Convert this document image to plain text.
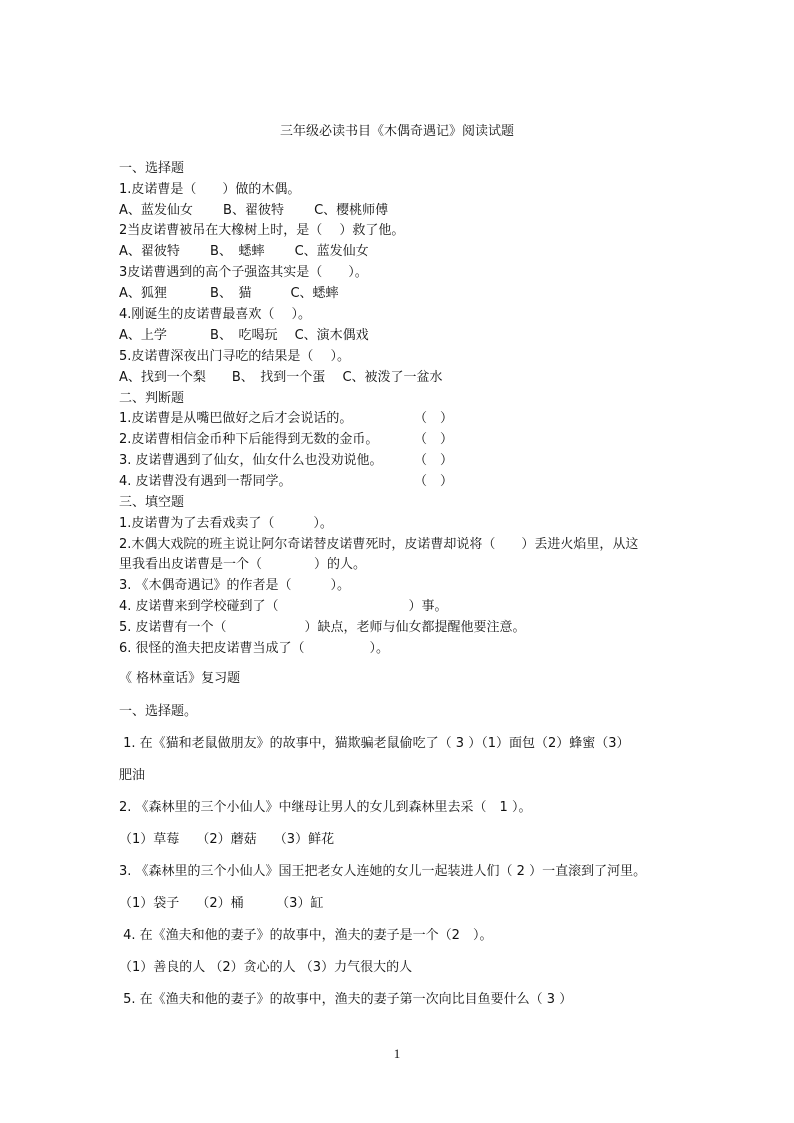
三年级必读书目《木偶奇遇记》阅读试题
一、选择题
1.皮诺曹是（　　）做的木偶。
A、蓝发仙女　　 B、翟彼特　　 C、樱桃师傅
2当皮诺曹被吊在大橡树上时，是（　 ）救了他。
A、翟彼特　　 B、　蟋蟀　　 C、蓝发仙女
3皮诺曹遇到的高个子强盗其实是（　　）。
A、狐狸　　　 B、　猫　　　C、蟋蟀
4.刚诞生的皮诺曹最喜欢（　 ）。
A、上学　　　 B、　吃喝玩　 C、演木偶戏
5.皮诺曹深夜出门寻吃的结果是（　 ）。
A、找到一个梨　　B、　找到一个蛋　 C、被泼了一盆水
二、判断题
1.皮诺曹是从嘴巴做好之后才会说话的。	（　）
2.皮诺曹相信金币种下后能得到无数的金币。	（　）
3. 皮诺曹遇到了仙女，仙女什么也没劝说他。 （　）
4. 皮诺曹没有遇到一帮同学。	（　）
三、填空题
1.皮诺曹为了去看戏卖了（　　　）。
2.木偶大戏院的班主说让阿尔奇诺替皮诺曹死时，皮诺曹却说将（　　）丢进火焰里，从这
里我看出皮诺曹是一个（　　　　）的人。
3. 《木偶奇遇记》的作者是（　　　）。
4. 皮诺曹来到学校碰到了（　　　　　　　　　　）事。
5. 皮诺曹有一个（　　　　　　）缺点，老师与仙女都提醒他要注意。
6. 很怪的渔夫把皮诺曹当成了（　　　　　）。
《 格林童话》复习题
一、选择题。
1. 在《猫和老鼠做朋友》的故事中，猫欺骗老鼠偷吃了（ 3 ）（1）面包（2）蜂蜜（3）
肥油
2. 《森林里的三个小仙人》中继母让男人的女儿到森林里去采（　1 ）。
（1）草莓　 （2）蘑菇　 （3）鲜花
3. 《森林里的三个小仙人》国王把老女人连她的女儿一起装进人们（ 2 ）一直滚到了河里。
（1）袋子　 （2）桶　　　（3）缸
4. 在《渔夫和他的妻子》的故事中，渔夫的妻子是一个（2　）。
（1）善良的人 （2）贪心的人 （3）力气很大的人
5. 在《渔夫和他的妻子》的故事中，渔夫的妻子第一次向比目鱼要什么（ 3 ）
1
